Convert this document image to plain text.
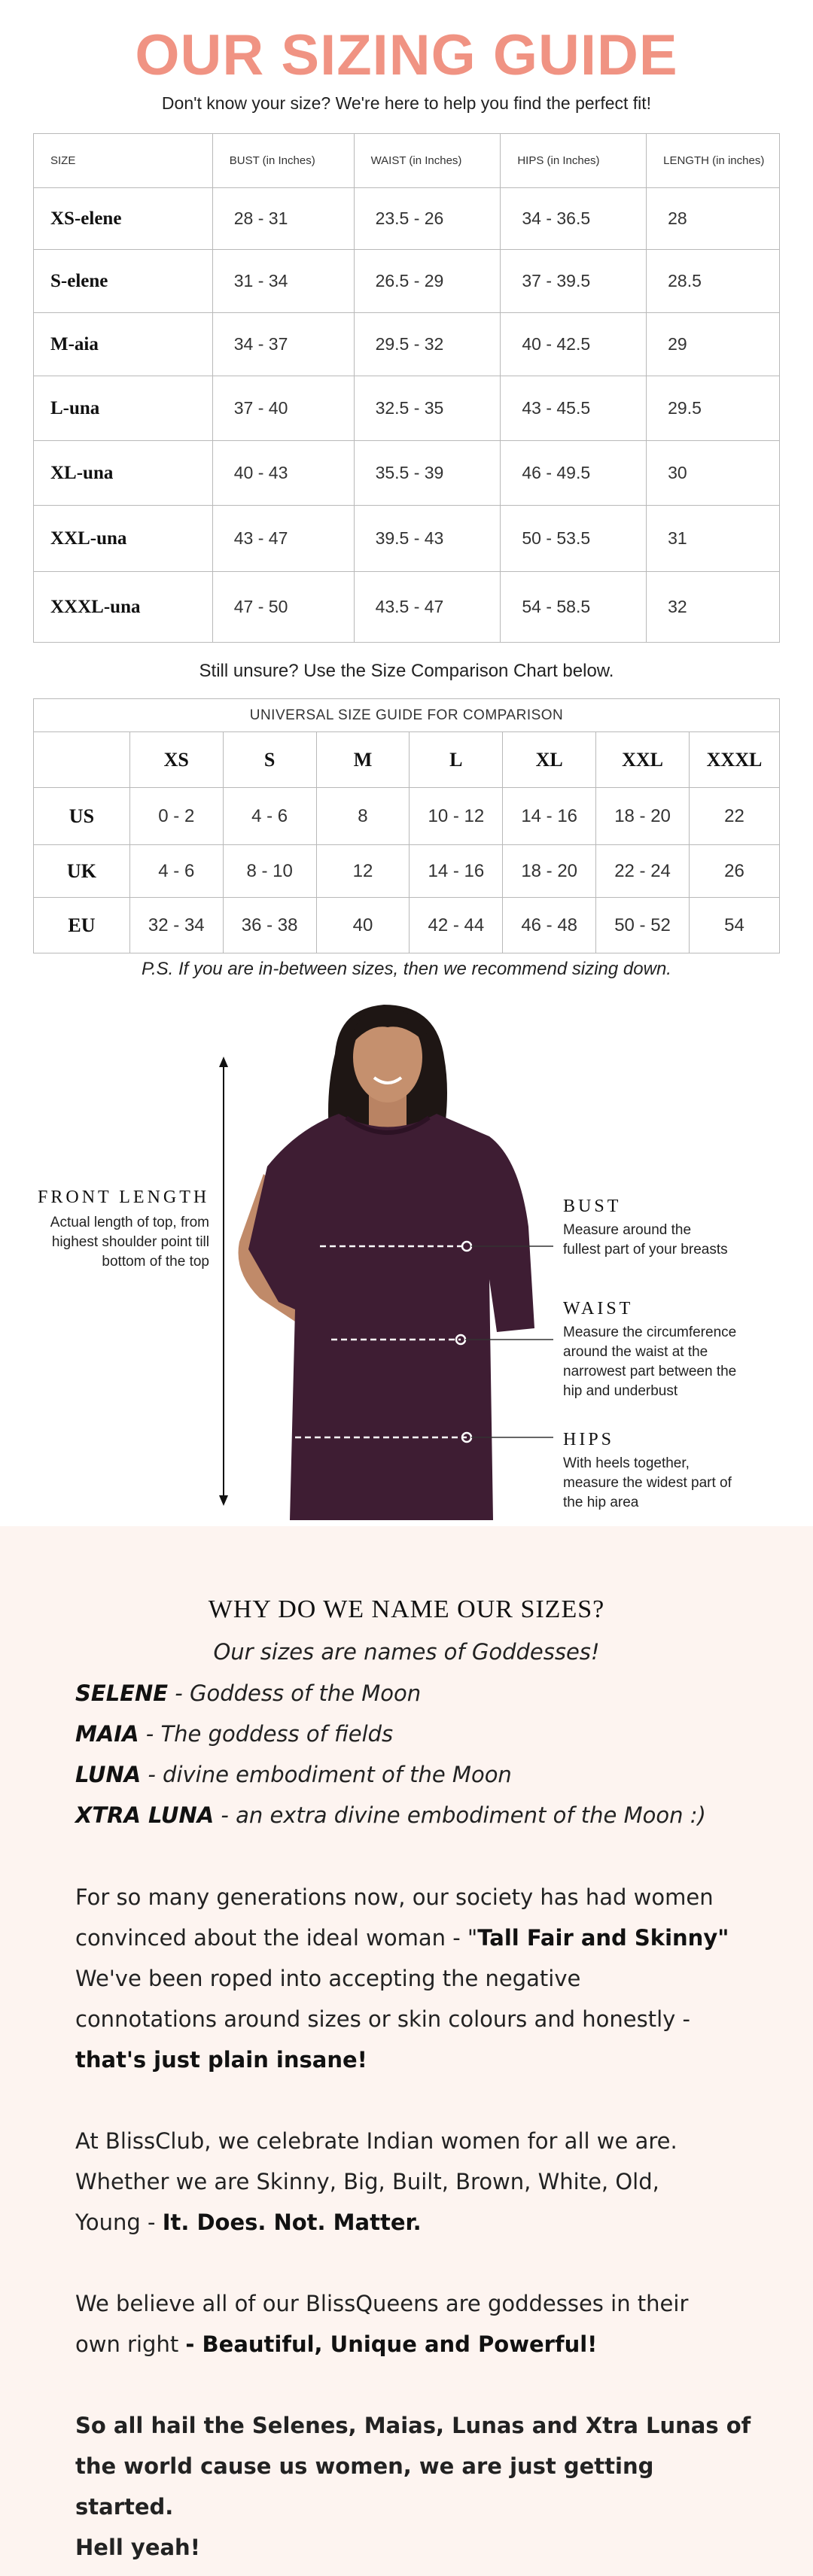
OUR SIZING GUIDE
Don't know your size? We're here to help you find the perfect fit!
SIZE	BUST (in Inches)	WAIST (in Inches)	HIPS (in Inches)	LENGTH (in inches)
XS-elene	28 - 31	23.5 - 26	34 - 36.5	28
S-elene	31 - 34	26.5 - 29	37 - 39.5	28.5
M-aia	34 - 37	29.5 - 32	40 - 42.5	29
L-una	37 - 40	32.5 - 35	43 - 45.5	29.5
XL-una	40 - 43	35.5 - 39	46 - 49.5	30
XXL-una	43 - 47	39.5 - 43	50 - 53.5	31
XXXL-una	47 - 50	43.5 - 47	54 - 58.5	32
Still unsure? Use the Size Comparison Chart below.
UNIVERSAL SIZE GUIDE FOR COMPARISON							
	XS	S	M	L	XL	XXL	XXXL
US	0 - 2	4 - 6	8	10 - 12	14 - 16	18 - 20	22
UK	4 - 6	8 - 10	12	14 - 16	18 - 20	22 - 24	26
EU	32 - 34	36 - 38	40	42 - 44	46 - 48	50 - 52	54
P.S. If you are in-between sizes, then we recommend sizing down.
FRONT LENGTH
Actual length of top, from
highest shoulder point till
bottom of the top
BUST
Measure around the
fullest part of your breasts
WAIST
Measure the circumference
around the waist at the
narrowest part between the
hip and underbust
HIPS
With heels together,
measure the widest part of
the hip area
WHY DO WE NAME OUR SIZES?
Our sizes are names of Goddesses!
SELENE - Goddess of the Moon
MAIA - The goddess of fields
LUNA - divine embodiment of the Moon
XTRA LUNA - an extra divine embodiment of the Moon :)
For so many generations now, our society has had women
convinced about the ideal woman - "Tall Fair and Skinny"
We've been roped into accepting the negative
connotations around sizes or skin colours and honestly -
that's just plain insane!
At BlissClub, we celebrate Indian women for all we are.
Whether we are Skinny, Big, Built, Brown, White, Old,
Young - It. Does. Not. Matter.
We believe all of our BlissQueens are goddesses in their
own right - Beautiful, Unique and Powerful!
So all hail the Selenes, Maias, Lunas and Xtra Lunas of
the world cause us women, we are just getting started.
Hell yeah!
